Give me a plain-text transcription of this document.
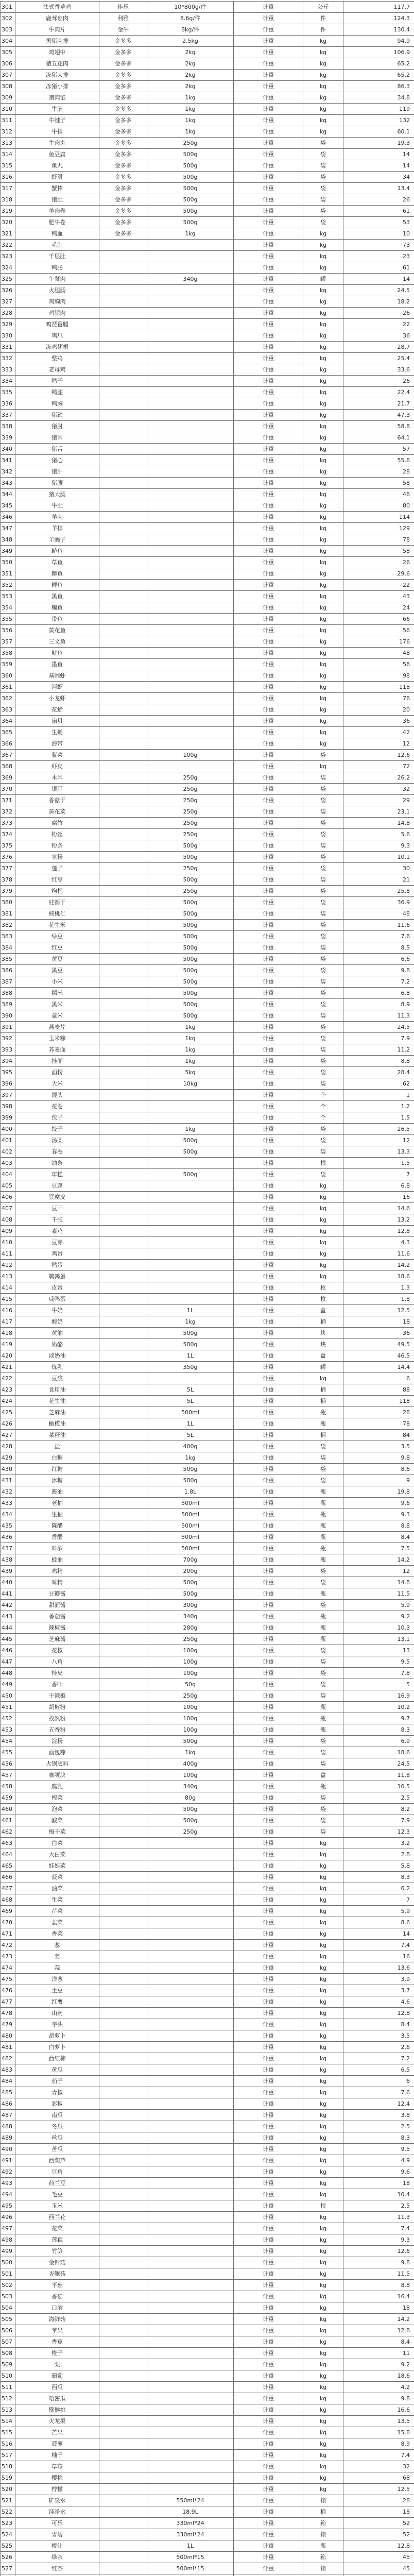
301	法式香草鸡	佳乐	10*800g/件	计重	公斤	117.7
302	鹿茸菇肉	利雅	8.6g/件	计重	件	124.3
303	牛肉片	金牛	8kg/件	计重	件	130.4
304	黑猪肉排	金多多	2.5kg	计重	kg	94.9
305	鸡翅中	金多多	2kg	计重	kg	106.9
306	猪五花肉	金多多	2kg	计重	kg	65.2
307	冻猪大排	金多多	2kg	计重	kg	65.2
308	冻猪小排	金多多	2kg	计重	kg	86.3
309	猪肉馅	金多多	1kg	计重	kg	34.8
310	牛腩	金多多	1kg	计重	kg	119
311	牛腱子	金多多	1kg	计重	kg	132
312	牛排	金多多	1kg	计重	kg	60.1
313	牛肉丸	金多多	250g	计重	袋	19.3
314	鱼豆腐	金多多	500g	计重	袋	14
315	鱼丸	金多多	500g	计重	袋	14
316	虾滑	金多多	500g	计重	袋	34
317	蟹棒	金多多	500g	计重	袋	13.4
318	猪肚	金多多	500g	计重	袋	26
319	羊肉卷	金多多	500g	计重	袋	61
320	肥牛卷	金多多	500g	计重	袋	53
321	鸭血	金多多	1kg	计重	kg	10
322	毛肚			计重	kg	73
323	千层肚			计重	kg	23
324	鸭肠			计重	kg	61
325	午餐肉		340g	计重	罐	14
326	火腿肠			计重	kg	24.5
327	鸡胸肉			计重	kg	18.2
328	鸡腿肉			计重	kg	26
329	鸡琵琶腿			计重	kg	22
330	鸡爪			计重	kg	36
331	冻鸡翅根			计重	kg	28.7
332	整鸡			计重	kg	25.4
333	老母鸡			计重	kg	33.6
334	鸭子			计重	kg	26
335	鸭腿			计重	kg	22.4
336	鸭胸			计重	kg	21.7
337	猪蹄			计重	kg	47.3
338	猪肘			计重	kg	58.8
339	猪耳			计重	kg	64.1
340	猪舌			计重	kg	57
341	猪心			计重	kg	55.6
342	猪肝			计重	kg	28
343	猪腰			计重	kg	58
344	猪大肠			计重	kg	46
345	牛肚			计重	kg	80
346	羊肉			计重	kg	114
347	羊排			计重	kg	129
348	羊蝎子			计重	kg	78
349	鲈鱼			计重	kg	58
350	草鱼			计重	kg	26
351	鲫鱼			计重	kg	29.6
352	鲤鱼			计重	kg	22
353	黑鱼			计重	kg	43
354	鳊鱼			计重	kg	24
355	带鱼			计重	kg	66
356	黄花鱼			计重	kg	56
357	三文鱼			计重	kg	176
358	鱿鱼			计重	kg	48
359	墨鱼			计重	kg	56
360	基围虾			计重	kg	98
361	河虾			计重	kg	118
362	小龙虾			计重	kg	76
363	花蛤			计重	kg	20
364	扇贝			计重	kg	36
365	生蚝			计重	kg	42
366	海带			计重	kg	12
367	紫菜		100g	计重	袋	12.6
368	虾皮			计重	kg	72
369	木耳		250g	计重	袋	26.2
370	银耳		250g	计重	袋	32
371	香菇干		250g	计重	袋	29
372	黄花菜		250g	计重	袋	23.1
373	腐竹		250g	计重	袋	14.8
374	粉丝		250g	计重	袋	5.6
375	粉条		500g	计重	袋	9.3
376	宽粉		500g	计重	袋	10.1
377	莲子		250g	计重	袋	30
378	红枣		500g	计重	袋	21
379	枸杞		250g	计重	袋	25.8
380	桂圆干		500g	计重	袋	36.9
381	核桃仁		500g	计重	袋	48
382	花生米		500g	计重	袋	11.6
383	绿豆		500g	计重	袋	7.6
384	红豆		500g	计重	袋	8.5
385	黄豆		500g	计重	袋	6.6
386	黑豆		500g	计重	袋	9.8
387	小米		500g	计重	袋	7.2
388	糯米		500g	计重	袋	6.8
389	黑米		500g	计重	袋	8.9
390	薏米		500g	计重	袋	11.3
391	燕麦片		1kg	计重	袋	24.5
392	玉米糁		1kg	计重	袋	7.9
393	荞麦面		1kg	计重	袋	11.2
394	挂面		1kg	计重	袋	8.8
395	面粉		5kg	计重	袋	28.4
396	大米		10kg	计重	袋	62
397	馒头			计重	个	1
398	花卷			计重	个	1.2
399	包子			计重	个	1.5
400	饺子		1kg	计重	袋	26.5
401	汤圆		500g	计重	袋	12
402	春卷		500g	计重	袋	13.3
403	油条			计重	根	1.5
404	年糕		500g	计重	袋	7
405	豆腐			计重	kg	6.8
406	豆腐皮			计重	kg	16
407	豆干			计重	kg	14.6
408	千张			计重	kg	13.2
409	素鸡			计重	kg	12.8
410	豆芽			计重	kg	4.3
411	鸡蛋			计重	kg	11.6
412	鸭蛋			计重	kg	14.2
413	鹌鹑蛋			计重	kg	18.6
414	皮蛋			计重	枚	1.3
415	咸鸭蛋			计重	枚	1.8
416	牛奶		1L	计重	盒	12.5
417	酸奶		1kg	计重	桶	18
418	黄油		500g	计重	块	36
419	奶酪		500g	计重	块	49.5
420	淡奶油		1L	计重	盒	46.5
421	炼乳		350g	计重	罐	14.4
422	豆浆			计重	kg	6
423	食用油		5L	计重	桶	88
424	花生油		5L	计重	桶	118
425	芝麻油		500ml	计重	瓶	28
426	橄榄油		1L	计重	瓶	78
427	菜籽油		5L	计重	桶	84
428	盐		400g	计重	袋	3.5
429	白糖		1kg	计重	袋	9.8
430	红糖		500g	计重	袋	8.6
431	冰糖		500g	计重	袋	9
432	酱油		1.8L	计重	瓶	19.8
433	老抽		500ml	计重	瓶	9.6
434	生抽		500ml	计重	瓶	9.3
435	陈醋		500ml	计重	瓶	8.8
436	香醋		500ml	计重	瓶	8.4
437	料酒		500ml	计重	瓶	7.5
438	蚝油		700g	计重	瓶	14.2
439	鸡精		200g	计重	袋	12
440	味精		500g	计重	袋	14.8
441	豆瓣酱		500g	计重	瓶	11.5
442	甜面酱		300g	计重	袋	5.9
443	番茄酱		340g	计重	瓶	9.2
444	辣椒酱		280g	计重	瓶	10.3
445	芝麻酱		250g	计重	瓶	13.1
446	花椒		100g	计重	袋	13
447	八角		100g	计重	袋	9.5
448	桂皮		100g	计重	袋	7.8
449	香叶		50g	计重	袋	5
450	干辣椒		250g	计重	袋	16.9
451	胡椒粉		100g	计重	瓶	10.2
452	孜然粉		100g	计重	瓶	9.7
453	五香粉		100g	计重	瓶	8.3
454	淀粉		500g	计重	袋	6.9
455	面包糠		1kg	计重	袋	18.6
456	火锅底料		400g	计重	袋	24.5
457	咖喱块		100g	计重	盒	11.8
458	腐乳		340g	计重	瓶	10.5
459	榨菜		80g	计重	袋	2.5
460	泡菜		500g	计重	袋	8.2
461	酸菜		500g	计重	袋	7.9
462	梅干菜		250g	计重	袋	12.3
463	白菜			计重	kg	3.2
464	大白菜			计重	kg	2.8
465	娃娃菜			计重	kg	5.8
466	菠菜			计重	kg	8.3
467	油菜			计重	kg	6.2
468	生菜			计重	kg	7
469	芹菜			计重	kg	5.9
470	韭菜			计重	kg	8.6
471	香菜			计重	kg	14
472	葱			计重	kg	7.4
473	姜			计重	kg	16
474	蒜			计重	kg	13.6
475	洋葱			计重	kg	3.9
476	土豆			计重	kg	3.7
477	红薯			计重	kg	4.6
478	山药			计重	kg	12.8
479	芋头			计重	kg	8.4
480	胡萝卜			计重	kg	3.5
481	白萝卜			计重	kg	2.6
482	西红柿			计重	kg	7.2
483	黄瓜			计重	kg	6.5
484	茄子			计重	kg	6
485	青椒			计重	kg	7.6
486	彩椒			计重	kg	12.4
487	南瓜			计重	kg	3.8
488	冬瓜			计重	kg	2.5
489	丝瓜			计重	kg	8.3
490	苦瓜			计重	kg	9.5
491	西葫芦			计重	kg	4.9
492	豆角			计重	kg	9.6
493	荷兰豆			计重	kg	18
494	毛豆			计重	kg	10.4
495	玉米			计重	根	2.5
496	西兰花			计重	kg	11.3
497	花菜			计重	kg	7.4
498	莲藕			计重	kg	9.3
499	竹笋			计重	kg	12.6
500	金针菇			计重	kg	9.8
501	杏鲍菇			计重	kg	11.5
502	平菇			计重	kg	8.8
503	香菇			计重	kg	16.4
504	口蘑			计重	kg	18
505	海鲜菇			计重	kg	14.2
506	苹果			计重	kg	12.8
507	香蕉			计重	kg	8.4
508	橙子			计重	kg	11
509	梨			计重	kg	9.2
510	葡萄			计重	kg	18.6
511	西瓜			计重	kg	4.2
512	哈密瓜			计重	kg	9.8
513	猕猴桃			计重	kg	16.6
514	火龙果			计重	kg	13.5
515	芒果			计重	kg	15.8
516	菠萝			计重	kg	8.9
517	柚子			计重	kg	7.4
518	草莓			计重	kg	32
519	樱桃			计重	kg	68
520	柠檬			计重	kg	12.5
521	矿泉水		550ml*24	计重	箱	28
522	纯净水		18.9L	计重	桶	18
523	可乐		330ml*24	计重	箱	52
524	雪碧		330ml*24	计重	箱	52
525	橙汁		1L	计重	瓶	12.8
526	绿茶		500ml*15	计重	箱	45
527	红茶		500ml*15	计重	箱	45
